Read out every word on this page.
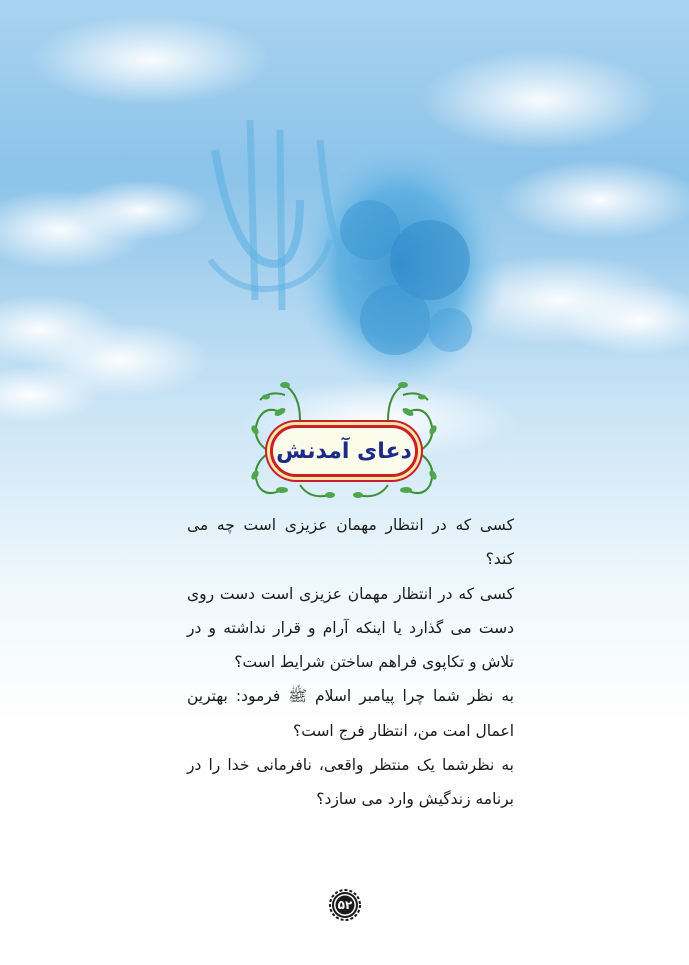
دعای آمدنش

کسی که در انتظار مهمان عزیزی است چه می کند؟

کسی که در انتظار مهمان عزیزی است دست روی دست می گذارد یا اینکه آرام و قرار نداشته و در تلاش و تکاپوی فراهم ساختن شرایط است؟

به نظر شما چرا پیامبر اسلام ﷺ فرمود: بهترین اعمال امت من، انتظار فرج است؟

به نظرشما یک منتظر واقعی، نافرمانی خدا را در برنامه زندگیش وارد می سازد؟

۵۲
